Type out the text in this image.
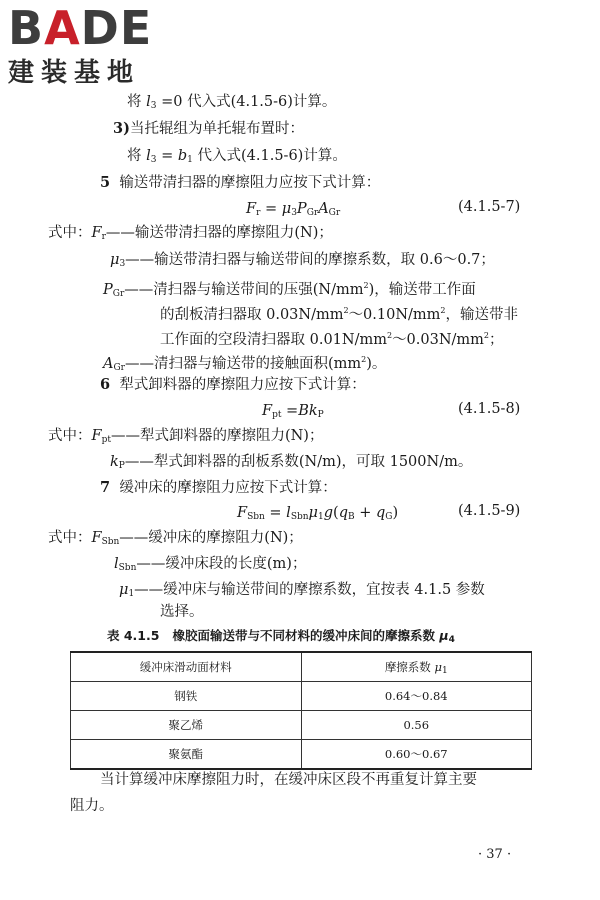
B A DE
建装基地
将 $l_3 =0$ 代入式(4.1.5-6)计算。
3)当托辊组为单托辊布置时：
将 $l_3 = b_1$ 代入式(4.1.5-6)计算。
5 输送带清扫器的摩擦阻力应按下式计算：
$F_r = \mu_3P_{Gr}A_{Gr}$	(4.1.5-7)
式中：$F_r——$输送带清扫器的摩擦阻力(N)；
$\mu_3——$输送带清扫器与输送带间的摩擦系数，取 0.6～0.7；
$P_{Gr}——$清扫器与输送带间的压强$(N/mm^2)$，输送带工作面
的刮板清扫器取 $0.03N/mm^2\sim 0.10N/mm^2$，输送带非
工作面的空段清扫器取 $0.01N/mm^2\sim 0.03N/mm^2$；
$A_{Gr}——$清扫器与输送带的接触面积$(mm^2)$。
6 犁式卸料器的摩擦阻力应按下式计算：
$F_{pt} =Bk_P$	(4.1.5-8)
式中：$F_{pt}——$犁式卸料器的摩擦阻力(N)；
$k_P——$犁式卸料器的刮板系数(N/m)，可取 1500N/m。
7 缓冲床的摩擦阻力应按下式计算：
$F_{Sbn} = l_{Sbn}\mu_1g(q_B + q_G)$	(4.1.5-9)
式中：$F_{Sbn}——$缓冲床的摩擦阻力(N)；
$l_{Sbn}——$缓冲床段的长度(m)；
$\mu_1——$缓冲床与输送带间的摩擦系数，宜按表 4.1.5 参数
选择。
表 4.1.5 橡胶面输送带与不同材料的缓冲床间的摩擦系数 $\mu_4$
缓冲床滑动面材料	摩擦系数 $\mu_1$
钢铁	0.64～0.84
聚乙烯	0.56
聚氨酯	0.60～0.67
当计算缓冲床摩擦阻力时，在缓冲床区段不再重复计算主要
阻力。
· 37 ·
